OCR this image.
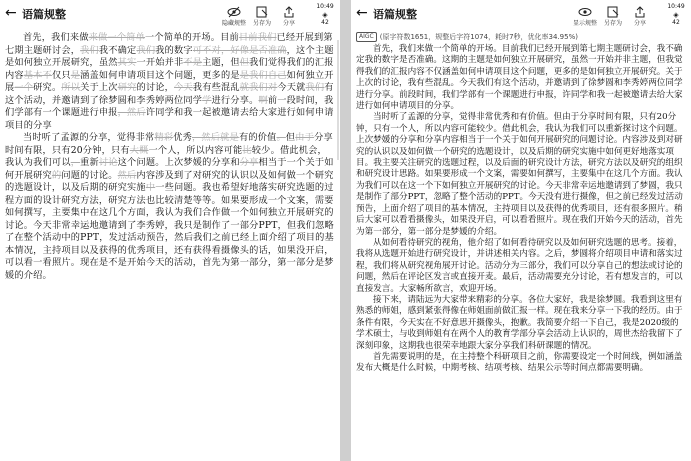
← 语篇规整
隐藏规整	另存为	分享
10:49
◈
42

首先，我们来做来做一个简单一个简单的开场。目前目前我们已经开展到第七期主题研讨会，我们我不确定我们我的数字可不对，好像是否准确，这个主题是如何独立开展研究，虽然其实一开始并非不是主题，但但我们觉得我们的汇报内容基本不仅只是涵盖如何申请项目这个问题，更多的是是我们自己如何独立开展一个研究。所以关于上次研究的讨论，今天我有些混乱就我们对今天就我们有这个活动，并邀请到了徐梦圆和李秀婷两位同学学进行分享。啊前一段时间，我们学部有一个课题进行申报，然后许同学和我一起被邀请去给大家进行如何申请项目的分享

当时听了孟源的分享，觉得非常精彩优秀，然后就是有的价值。但由于分享时间有限，只有20分钟，只有大概一个人，所以内容可能比较少。借此机会，我认为我们可以，重新讨论这个问题。上次梦媛的分享和分享相当于一个关于如何开展研究的问题的讨论。然后内容涉及到了对研究的认识以及如何做一个研究的选题设计，以及后期的研究实施中一些问题。我也希望好地落实研究选题的过程方面的设计研究方法，研究方法也比较清楚等等。如果要形成一个文案，需要如何撰写，主要集中在这几个方面，我认为我们合作做一个如何独立开展研究的讨论。今天非常幸运地邀请到了李秀婷，我只是制作了一部分PPT，但我们忽略了在整个活动中的PPT，发过活动预告，然后我们之前已经上面介绍了项目的基本情况，主持项目以及获得的优秀项目，还有获得看摄像头的话，如果没开启，可以看一看照片。现在是不是开始今天的活动，首先为第一部分，第一部分是梦媛的介绍。

← 语篇规整
显示规整	另存为	分享
10:49
◈
42
AIGC (原字符数1651，规整后字符1074，耗时7秒，优化率34.95%)

首先，我们来做一个简单的开场。目前我们已经开展到第七期主题研讨会，我不确定我的数字是否准确。这期的主题是如何独立开展研究，虽然一开始并非主题，但我觉得我们的汇报内容不仅涵盖如何申请项目这个问题，更多的是如何独立开展研究。关于上次的讨论，我有些混乱。今天我们有这个活动，并邀请到了徐梦圆和李秀婷两位同学进行分享。前段时间，我们学部有一个课题进行申报，许同学和我一起被邀请去给大家进行如何申请项目的分享。

当时听了孟源的分享，觉得非常优秀和有价值。但由于分享时间有限，只有20分钟，只有一个人，所以内容可能较少。借此机会，我认为我们可以重新探讨这个问题。上次梦媛的分享和分享内容相当于一个关于如何开展研究的问题讨论。内容涉及到对研究的认识以及如何做一个研究的选题设计，以及后期的研究实施中如何更好地落实项目。我主要关注研究的选题过程，以及后面的研究设计方法，研究方法以及研究的组织和研究设计思路。如果要形成一个文案，需要如何撰写，主要集中在这几个方面。我认为我们可以在这一个下如何独立开展研究的讨论。今天非常幸运地邀请到了梦圆，我只是制作了部分PPT，忽略了整个活动的PPT。今天没有进行摄像，但之前已经发过活动预告，上面介绍了项目的基本情况，主持项目以及获得的优秀项目，还有很多照片。稍后大家可以看看摄像头，如果没开启，可以看看照片。现在我们开始今天的活动，首先为第一部分，第一部分是梦媛的介绍。

从如何看待研究的视角，他介绍了如何看待研究以及如何研究选题的思考。接着，我将从选题开始进行研究设计，并讲述相关内容。之后，梦圆将介绍项目申请和落实过程，我们将从研究视角展开讨论。活动分为三部分，我们可以分享自己的想法或讨论的问题，然后在评论区发言或直接开麦。最后，活动需要充分讨论，若有想发言的，可以直接发言。大家畅所欲言，欢迎开场。

接下来，请陆远为大家带来精彩的分享。各位大家好，我是徐梦圆。我看到这里有熟悉的师姐，感到紧张得像在师姐面前做汇报一样。现在我来分享一下我的经历。由于条件有限，今天实在不好意思开摄像头，抱歉。我简要介绍一下自己，我是2020级的学术硕士，与收到师姐有在两个人的教育学部分享会活动上认识的，周世杰给我留下了深刻印象，这期我也很荣幸地跟大家分享我们科研课题的情况。

首先需要说明的是，在主持整个科研项目之前，你需要设定一个时间线，例如涵盖发布大概是什么时候，中期考核、结项考核、结果公示等时间点都需要明确。
